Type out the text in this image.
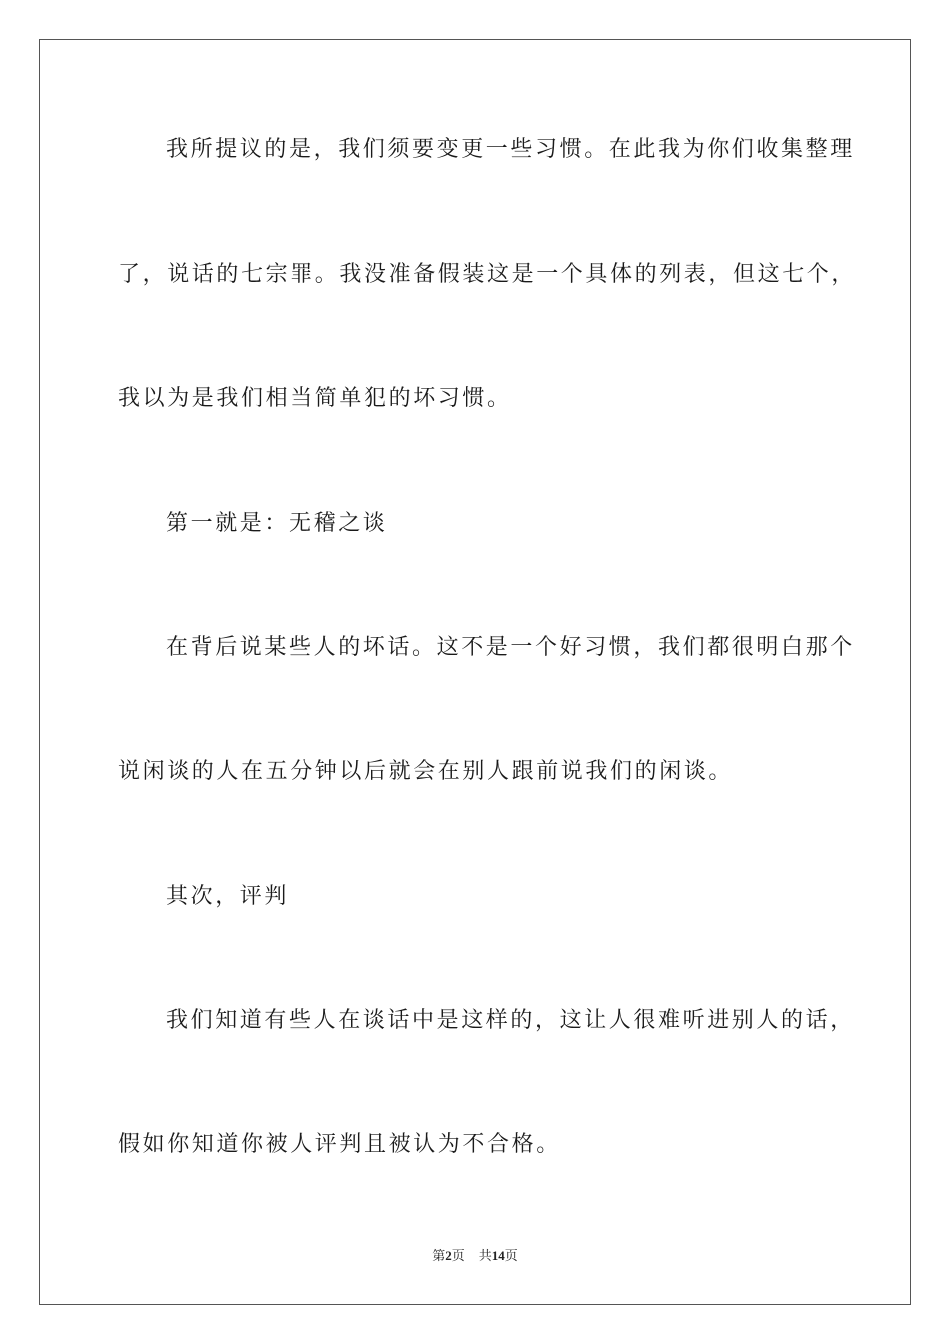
我所提议的是，我们须要变更一些习惯。在此我为你们收集整理
了，说话的七宗罪。我没准备假装这是一个具体的列表，但这七个，
我以为是我们相当简单犯的坏习惯。
第一就是：无稽之谈
在背后说某些人的坏话。这不是一个好习惯，我们都很明白那个
说闲谈的人在五分钟以后就会在别人跟前说我们的闲谈。
其次，评判
我们知道有些人在谈话中是这样的，这让人很难听进别人的话，
假如你知道你被人评判且被认为不合格。
第2页 共14页
